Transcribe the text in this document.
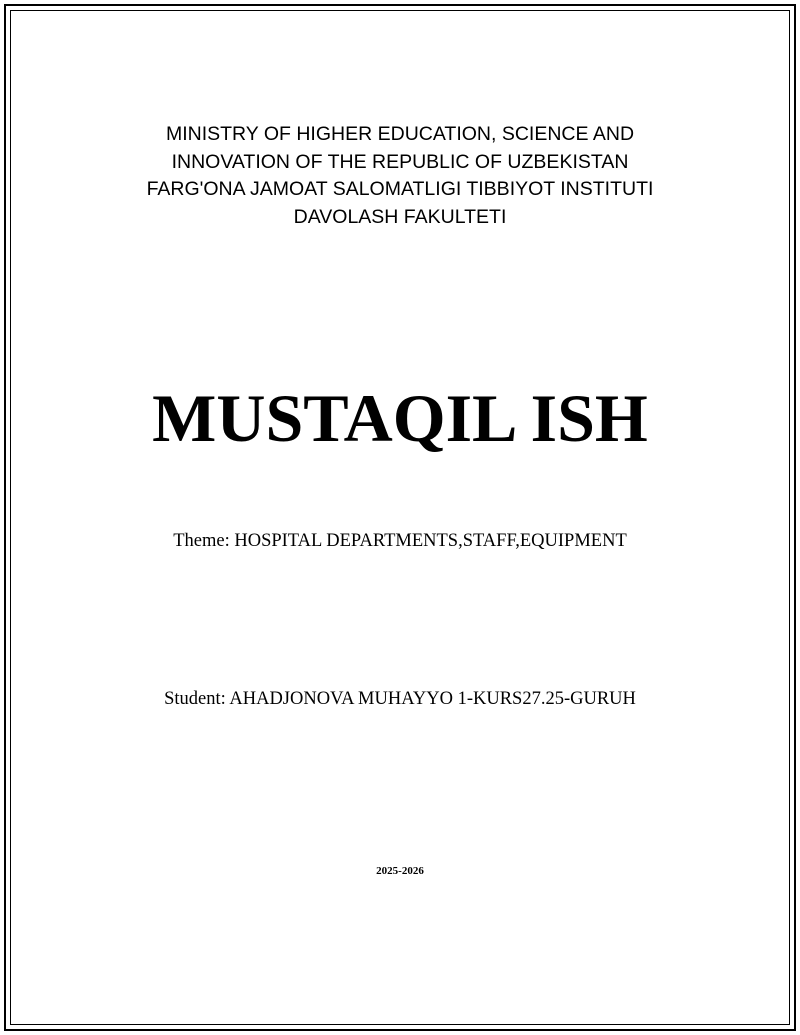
MINISTRY OF HIGHER EDUCATION, SCIENCE AND
INNOVATION OF THE REPUBLIC OF UZBEKISTAN
FARG'ONA JAMOAT SALOMATLIGI TIBBIYOT INSTITUTI
DAVOLASH FAKULTETI
MUSTAQIL ISH
Theme: HOSPITAL DEPARTMENTS,STAFF,EQUIPMENT
Student: AHADJONOVA MUHAYYO 1-KURS27.25-GURUH
2025-2026
